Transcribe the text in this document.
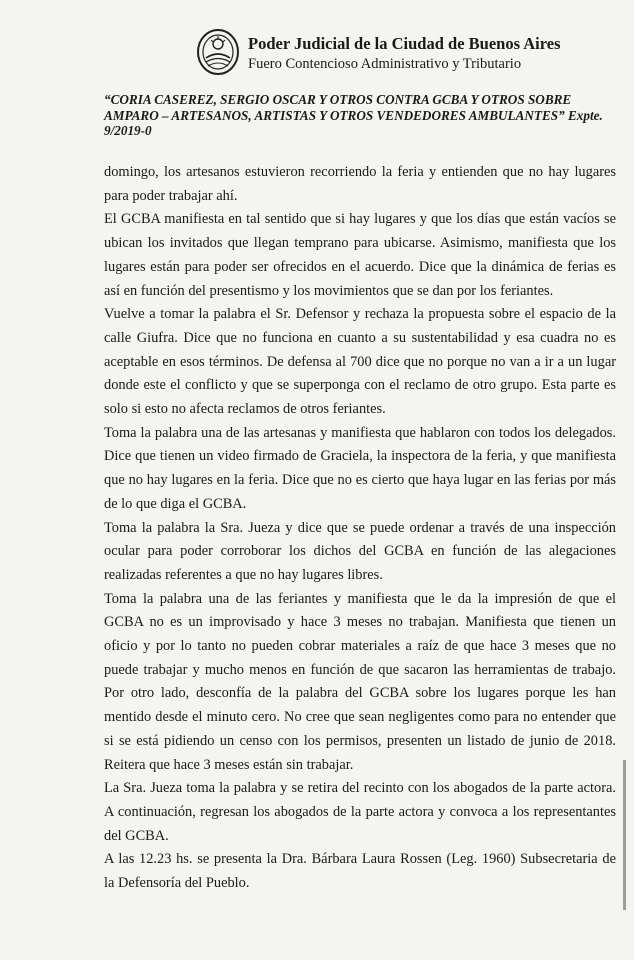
Poder Judicial de la Ciudad de Buenos Aires
Fuero Contencioso Administrativo y Tributario
“CORIA CASEREZ, SERGIO OSCAR Y OTROS CONTRA GCBA Y OTROS SOBRE
AMPARO – ARTESANOS, ARTISTAS Y OTROS VENDEDORES AMBULANTES” Expte.
9/2019-0
domingo, los artesanos estuvieron recorriendo la feria y entienden que no hay lugares
para poder trabajar ahí.
El GCBA manifiesta en tal sentido que si hay lugares y que los días que están vacíos se
ubican los invitados que llegan temprano para ubicarse. Asimismo, manifiesta que los
lugares están para poder ser ofrecidos en el acuerdo. Dice que la dinámica de ferias es
así en función del presentismo y los movimientos que se dan por los feriantes.
Vuelve a tomar la palabra el Sr. Defensor y rechaza la propuesta sobre el espacio de la
calle Giufra. Dice que no funciona en cuanto a su sustentabilidad y esa cuadra no es
aceptable en esos términos. De defensa al 700 dice que no porque no van a ir a un lugar
donde este el conflicto y que se superponga con el reclamo de otro grupo. Esta parte es
solo si esto no afecta reclamos de otros feriantes.
Toma la palabra una de las artesanas y manifiesta que hablaron con todos los delegados.
Dice que tienen un video firmado de Graciela, la inspectora de la feria, y que manifiesta
que no hay lugares en la feria. Dice que no es cierto que haya lugar en las ferias por más
de lo que diga el GCBA.
Toma la palabra la Sra. Jueza y dice que se puede ordenar a través de una inspección
ocular para poder corroborar los dichos del GCBA en función de las alegaciones
realizadas referentes a que no hay lugares libres.
Toma la palabra una de las feriantes y manifiesta que le da la impresión de que el
GCBA no es un improvisado y hace 3 meses no trabajan. Manifiesta que tienen un
oficio y por lo tanto no pueden cobrar materiales a raíz de que hace 3 meses que no
puede trabajar y mucho menos en función de que sacaron las herramientas de trabajo.
Por otro lado, desconfía de la palabra del GCBA sobre los lugares porque les han
mentido desde el minuto cero. No cree que sean negligentes como para no entender que
si se está pidiendo un censo con los permisos, presenten un listado de junio de 2018.
Reitera que hace 3 meses están sin trabajar.
La Sra. Jueza toma la palabra y se retira del recinto con los abogados de la parte actora.
A continuación, regresan los abogados de la parte actora y convoca a los representantes
del GCBA.
A las 12.23 hs. se presenta la Dra. Bárbara Laura Rossen (Leg. 1960) Subsecretaria de
la Defensoría del Pueblo.
